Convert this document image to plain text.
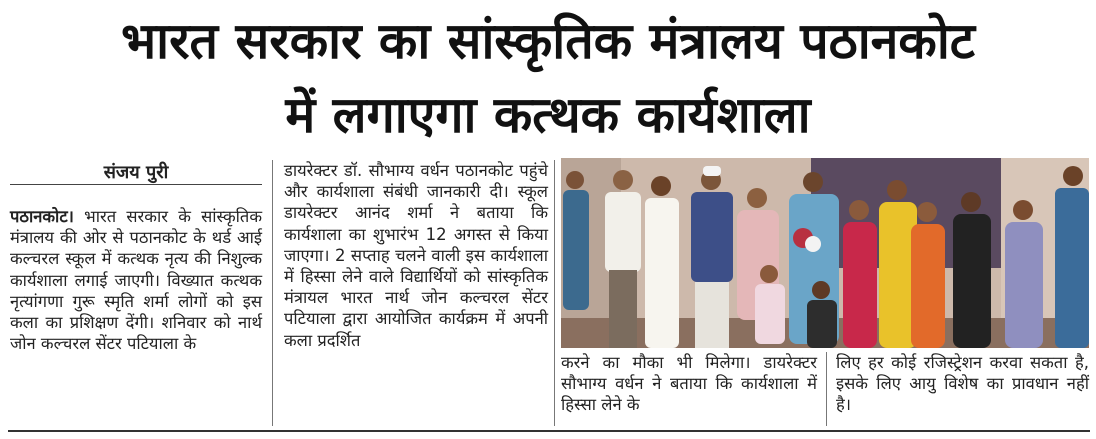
भारत सरकार का सांस्कृतिक मंत्रालय पठानकोट
में लगाएगा कत्थक कार्यशाला
संजय पुरी
पठानकोट। भारत सरकार के सांस्कृतिक मंत्रालय की ओर से पठानकोट के थर्ड आई कल्चरल स्कूल में कत्थक नृत्य की निशुल्क कार्यशाला लगाई जाएगी। विख्यात कत्थक नृत्यांगणा गुरू स्मृति शर्मा लोगों को इस कला का प्रशिक्षण देंगी। शनिवार को नार्थ जोन कल्चरल सेंटर पटियाला के
डायरेक्टर डॉ. सौभाग्य वर्धन पठानकोट पहुंचे और कार्यशाला संबंधी जानकारी दी। स्कूल डायरेक्टर आनंद शर्मा ने बताया कि कार्यशाला का शुभारंभ 12 अगस्त से किया जाएगा। 2 सप्ताह चलने वाली इस कार्यशाला में हिस्सा लेने वाले विद्यार्थियों को सांस्कृतिक मंत्रायल भारत नार्थ जोन कल्चरल सेंटर पटियाला द्वारा आयोजित कार्यक्रम में अपनी कला प्रदर्शित
करने का मौका भी मिलेगा। डायरेक्टर सौभाग्य वर्धन ने बताया कि कार्यशाला में हिस्सा लेने के
लिए हर कोई रजिस्ट्रेशन करवा सकता है, इसके लिए आयु विशेष का प्रावधान नहीं है।
